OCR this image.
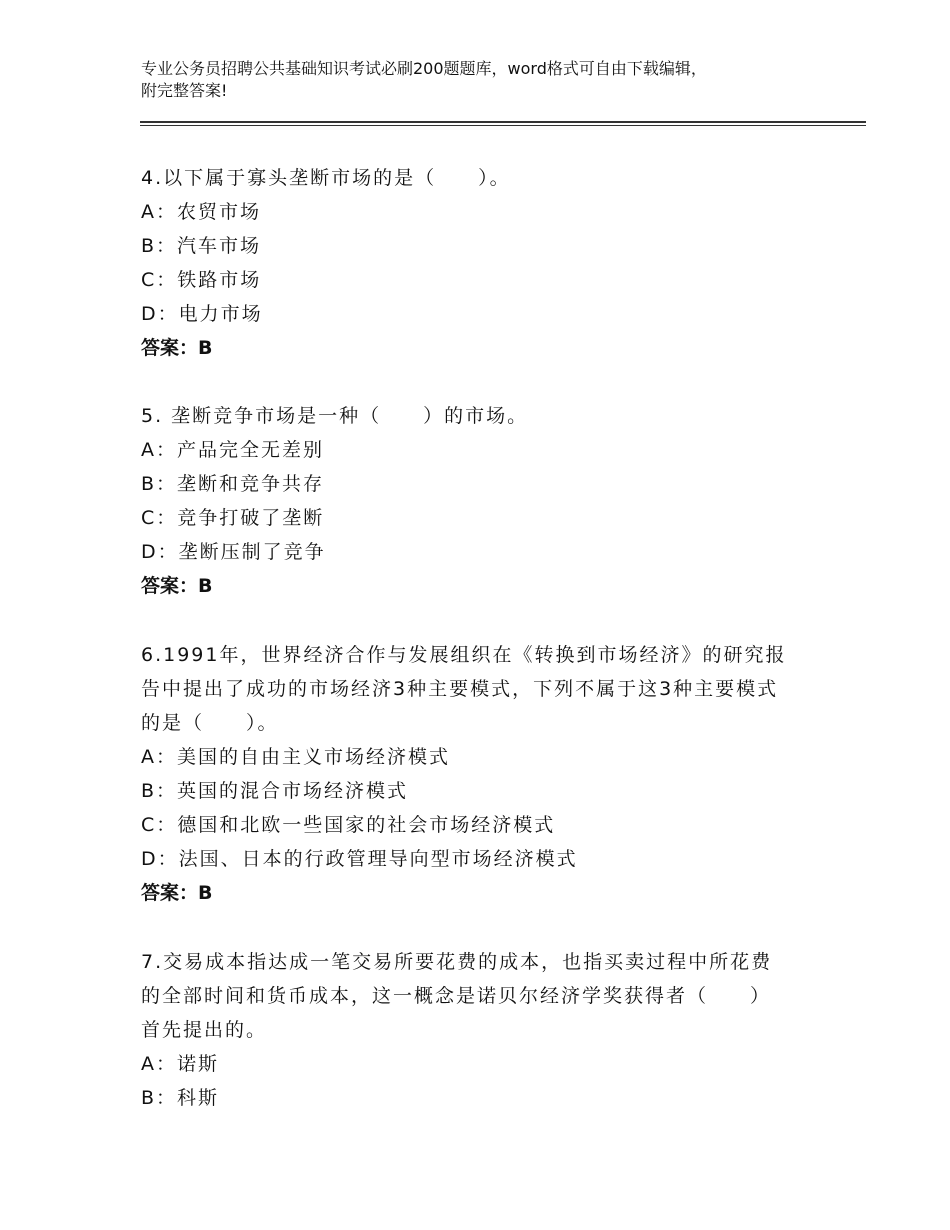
专业公务员招聘公共基础知识考试必刷200题题库，word格式可自由下载编辑，
附完整答案!
4.以下属于寡头垄断市场的是（　　）。
A：农贸市场
B：汽车市场
C：铁路市场
D：电力市场
答案：B
5. 垄断竞争市场是一种（　　）的市场。
A：产品完全无差别
B：垄断和竞争共存
C：竞争打破了垄断
D：垄断压制了竞争
答案：B
6.1991年，世界经济合作与发展组织在《转换到市场经济》的研究报
告中提出了成功的市场经济3种主要模式，下列不属于这3种主要模式
的是（　　）。
A：美国的自由主义市场经济模式
B：英国的混合市场经济模式
C：德国和北欧一些国家的社会市场经济模式
D：法国、日本的行政管理导向型市场经济模式
答案：B
7.交易成本指达成一笔交易所要花费的成本，也指买卖过程中所花费
的全部时间和货币成本，这一概念是诺贝尔经济学奖获得者（　　）
首先提出的。
A：诺斯
B：科斯
